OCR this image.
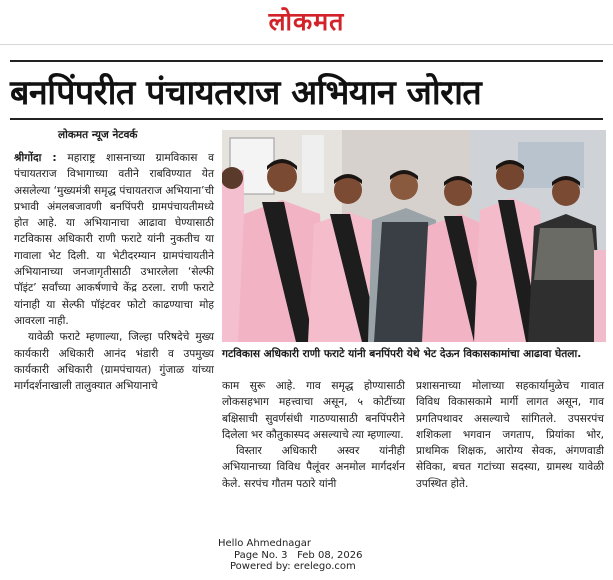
लोकमत
बनपिंपरीत पंचायतराज अभियान जोरात
लोकमत न्यूज नेटवर्क

श्रीगोंदा : महाराष्ट्र शासनाच्या ग्रामविकास व पंचायतराज विभागाच्या वतीने राबविण्यात येत असलेल्या ‘मुख्यमंत्री समृद्ध पंचायतराज अभियाना’ची प्रभावी अंमलबजावणी बनपिंपरी ग्रामपंचायतीमध्ये होत आहे. या अभियानाचा आढावा घेण्यासाठी गटविकास अधिकारी राणी फराटे यांनी नुकतीच या गावाला भेट दिली. या भेटीदरम्यान ग्रामपंचायतीने अभियानाच्या जनजागृतीसाठी उभारलेला ‘सेल्फी पॉइंट’ सर्वांच्या आकर्षणाचे केंद्र ठरला. राणी फराटे यांनाही या सेल्फी पॉइंटवर फोटो काढण्याचा मोह आवरला नाही.

यावेळी फराटे म्हणाल्या, जिल्हा परिषदेचे मुख्य कार्यकारी अधिकारी आनंद भंडारी व उपमुख्य कार्यकारी अधिकारी (ग्रामपंचायत) गुंजाळ यांच्या मार्गदर्शनाखाली तालुक्यात अभियानाचे

गटविकास अधिकारी राणी फराटे यांनी बनपिंपरी येथे भेट देऊन विकासकामांचा आढावा घेतला.

काम सुरू आहे. गाव समृद्ध होण्यासाठी लोकसहभाग महत्त्वाचा असून, ५ कोटींच्या बक्षिसाची सुवर्णसंधी गाठण्यासाठी बनपिंपरीने दिलेला भर कौतुकास्पद असल्याचे त्या म्हणाल्या.

विस्तार अधिकारी अस्वर यांनीही अभियानाच्या विविध पैलूंवर अनमोल मार्गदर्शन केले. सरपंच गौतम पठारे यांनी

प्रशासनाच्या मोलाच्या सहकार्यामुळेच गावात विविध विकासकामे मार्गी लागत असून, गाव प्रगतिपथावर असल्याचे सांगितले. उपसरपंच शशिकला भगवान जगताप, प्रियांका भोर, प्राथमिक शिक्षक, आरोग्य सेवक, अंगणवाडी सेविका, बचत गटांच्या सदस्या, ग्रामस्थ यावेळी उपस्थित होते.

Hello Ahmednagar
Page No. 3 Feb 08, 2026
Powered by: erelego.com
